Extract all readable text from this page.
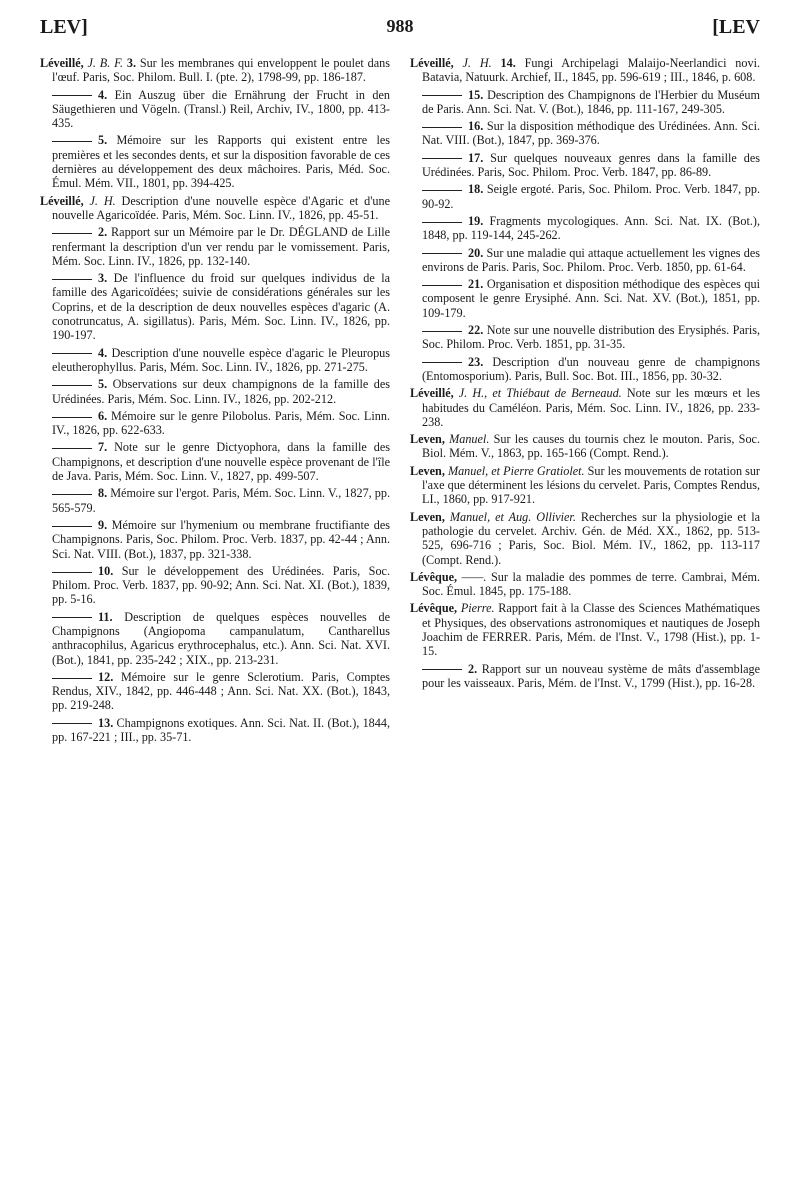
LEV]	988	[LEV

Léveillé, J. B. F. 3. Sur les membranes qui enveloppent le poulet dans l'œuf. Paris, Soc. Philom. Bull. I. (pte. 2), 1798-99, pp. 186-187.

4. Ein Auszug über die Ernährung der Frucht in den Säugethieren und Vögeln. (Transl.) Reil, Archiv, IV., 1800, pp. 413-435.

5. Mémoire sur les Rapports qui existent entre les premières et les secondes dents, et sur la disposition favorable de ces dernières au développement des deux mâchoires. Paris, Méd. Soc. Émul. Mém. VII., 1801, pp. 394-425.

Léveillé, J. H. Description d'une nouvelle espèce d'Agaric et d'une nouvelle Agaricoïdée. Paris, Mém. Soc. Linn. IV., 1826, pp. 45-51.

2. Rapport sur un Mémoire par le Dr. DÉGLAND de Lille renfermant la description d'un ver rendu par le vomissement. Paris, Mém. Soc. Linn. IV., 1826, pp. 132-140.

3. De l'influence du froid sur quelques individus de la famille des Agaricoïdées; suivie de considérations générales sur les Coprins, et de la description de deux nouvelles espèces d'agaric (A. conotruncatus, A. sigillatus). Paris, Mém. Soc. Linn. IV., 1826, pp. 190-197.

4. Description d'une nouvelle espèce d'agaric le Pleuropus eleutherophyllus. Paris, Mém. Soc. Linn. IV., 1826, pp. 271-275.

5. Observations sur deux champignons de la famille des Urédinées. Paris, Mém. Soc. Linn. IV., 1826, pp. 202-212.

6. Mémoire sur le genre Pilobolus. Paris, Mém. Soc. Linn. IV., 1826, pp. 622-633.

7. Note sur le genre Dictyophora, dans la famille des Champignons, et description d'une nouvelle espèce provenant de l'île de Java. Paris, Mém. Soc. Linn. V., 1827, pp. 499-507.

8. Mémoire sur l'ergot. Paris, Mém. Soc. Linn. V., 1827, pp. 565-579.

9. Mémoire sur l'hymenium ou membrane fructifiante des Champignons. Paris, Soc. Philom. Proc. Verb. 1837, pp. 42-44 ; Ann. Sci. Nat. VIII. (Bot.), 1837, pp. 321-338.

10. Sur le développement des Urédinées. Paris, Soc. Philom. Proc. Verb. 1837, pp. 90-92; Ann. Sci. Nat. XI. (Bot.), 1839, pp. 5-16.

11. Description de quelques espèces nouvelles de Champignons (Angiopoma campanulatum, Cantharellus anthracophilus, Agaricus erythrocephalus, etc.). Ann. Sci. Nat. XVI. (Bot.), 1841, pp. 235-242 ; XIX., pp. 213-231.

12. Mémoire sur le genre Sclerotium. Paris, Comptes Rendus, XIV., 1842, pp. 446-448 ; Ann. Sci. Nat. XX. (Bot.), 1843, pp. 219-248.

13. Champignons exotiques. Ann. Sci. Nat. II. (Bot.), 1844, pp. 167-221 ; III., pp. 35-71.

Léveillé, J. H. 14. Fungi Archipelagi Malaijo-Neerlandici novi. Batavia, Natuurk. Archief, II., 1845, pp. 596-619 ; III., 1846, p. 608.

15. Description des Champignons de l'Herbier du Muséum de Paris. Ann. Sci. Nat. V. (Bot.), 1846, pp. 111-167, 249-305.

16. Sur la disposition méthodique des Urédinées. Ann. Sci. Nat. VIII. (Bot.), 1847, pp. 369-376.

17. Sur quelques nouveaux genres dans la famille des Urédinées. Paris, Soc. Philom. Proc. Verb. 1847, pp. 86-89.

18. Seigle ergoté. Paris, Soc. Philom. Proc. Verb. 1847, pp. 90-92.

19. Fragments mycologiques. Ann. Sci. Nat. IX. (Bot.), 1848, pp. 119-144, 245-262.

20. Sur une maladie qui attaque actuellement les vignes des environs de Paris. Paris, Soc. Philom. Proc. Verb. 1850, pp. 61-64.

21. Organisation et disposition méthodique des espèces qui composent le genre Erysiphé. Ann. Sci. Nat. XV. (Bot.), 1851, pp. 109-179.

22. Note sur une nouvelle distribution des Erysiphés. Paris, Soc. Philom. Proc. Verb. 1851, pp. 31-35.

23. Description d'un nouveau genre de champignons (Entomosporium). Paris, Bull. Soc. Bot. III., 1856, pp. 30-32.

Léveillé, J. H., et Thiébaut de Berneaud. Note sur les mœurs et les habitudes du Caméléon. Paris, Mém. Soc. Linn. IV., 1826, pp. 233-238.

Leven, Manuel. Sur les causes du tournis chez le mouton. Paris, Soc. Biol. Mém. V., 1863, pp. 165-166 (Compt. Rend.).

Leven, Manuel, et Pierre Gratiolet. Sur les mouvements de rotation sur l'axe que déterminent les lésions du cervelet. Paris, Comptes Rendus, LI., 1860, pp. 917-921.

Leven, Manuel, et Aug. Ollivier. Recherches sur la physiologie et la pathologie du cervelet. Archiv. Gén. de Méd. XX., 1862, pp. 513-525, 696-716 ; Paris, Soc. Biol. Mém. IV., 1862, pp. 113-117 (Compt. Rend.).

Lévêque, ——. Sur la maladie des pommes de terre. Cambrai, Mém. Soc. Émul. 1845, pp. 175-188.

Lévêque, Pierre. Rapport fait à la Classe des Sciences Mathématiques et Physiques, des observations astronomiques et nautiques de Joseph Joachim de FERRER. Paris, Mém. de l'Inst. V., 1798 (Hist.), pp. 1-15.

2. Rapport sur un nouveau système de mâts d'assemblage pour les vaisseaux. Paris, Mém. de l'Inst. V., 1799 (Hist.), pp. 16-28.
